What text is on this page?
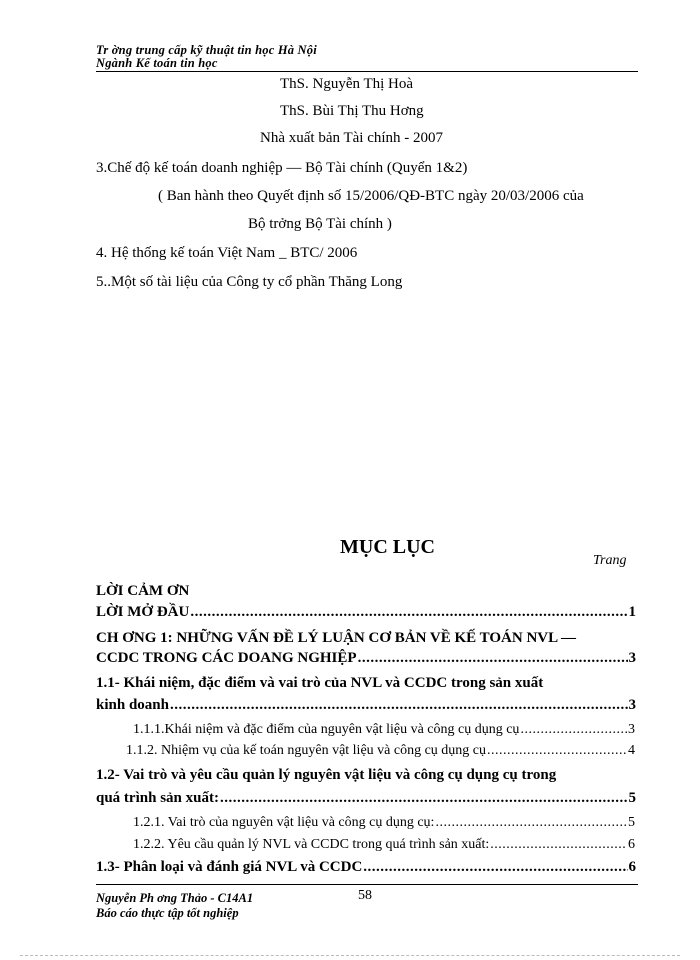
Tr ờng trung cấp kỹ thuật tin học Hà Nội
Ngành Kế toán tin học
ThS. Nguyễn Thị Hoà
ThS. Bùi Thị Thu Hơng
Nhà xuất bản Tài chính - 2007
3.Chế độ kế toán doanh nghiệp — Bộ Tài chính (Quyển 1&2)
( Ban hành theo Quyết định số 15/2006/QĐ-BTC ngày 20/03/2006 của
Bộ trởng Bộ Tài chính )
4. Hệ thống kế toán Việt Nam _ BTC/ 2006
5..Một số tài liệu của Công ty cổ phần Thăng Long
MỤC LỤC
Trang
LỜI CẢM ƠN
LỜI MỞ ĐẦU .....	1
CH ƠNG 1: NHỮNG VẤN ĐỀ LÝ LUẬN CƠ BẢN VỀ KẾ TOÁN NVL —
CCDC TRONG CÁC DOANG NGHIỆP .....	3
1.1- Khái niệm, đặc điểm và vai trò của NVL và CCDC trong sản xuất
kinh doanh .....	3
1.1.1.Khái niệm và đặc điểm của nguyên vật liệu và công cụ dụng cụ .....	3
1.1.2. Nhiệm vụ của kế toán nguyên vật liệu và công cụ dụng cụ .....	4
1.2- Vai trò và yêu cầu quản lý nguyên vật liệu và công cụ dụng cụ trong
quá trình sản xuất: .....	5
1.2.1. Vai trò của nguyên vật liệu và công cụ dụng cụ: .....	5
1.2.2. Yêu cầu quản lý NVL và CCDC trong quá trình sản xuất: .....	6
1.3- Phân loại và đánh giá NVL và CCDC .....	6
Nguyễn Ph ơng Thảo - C14A1	58
Báo cáo thực tập tốt nghiệp
